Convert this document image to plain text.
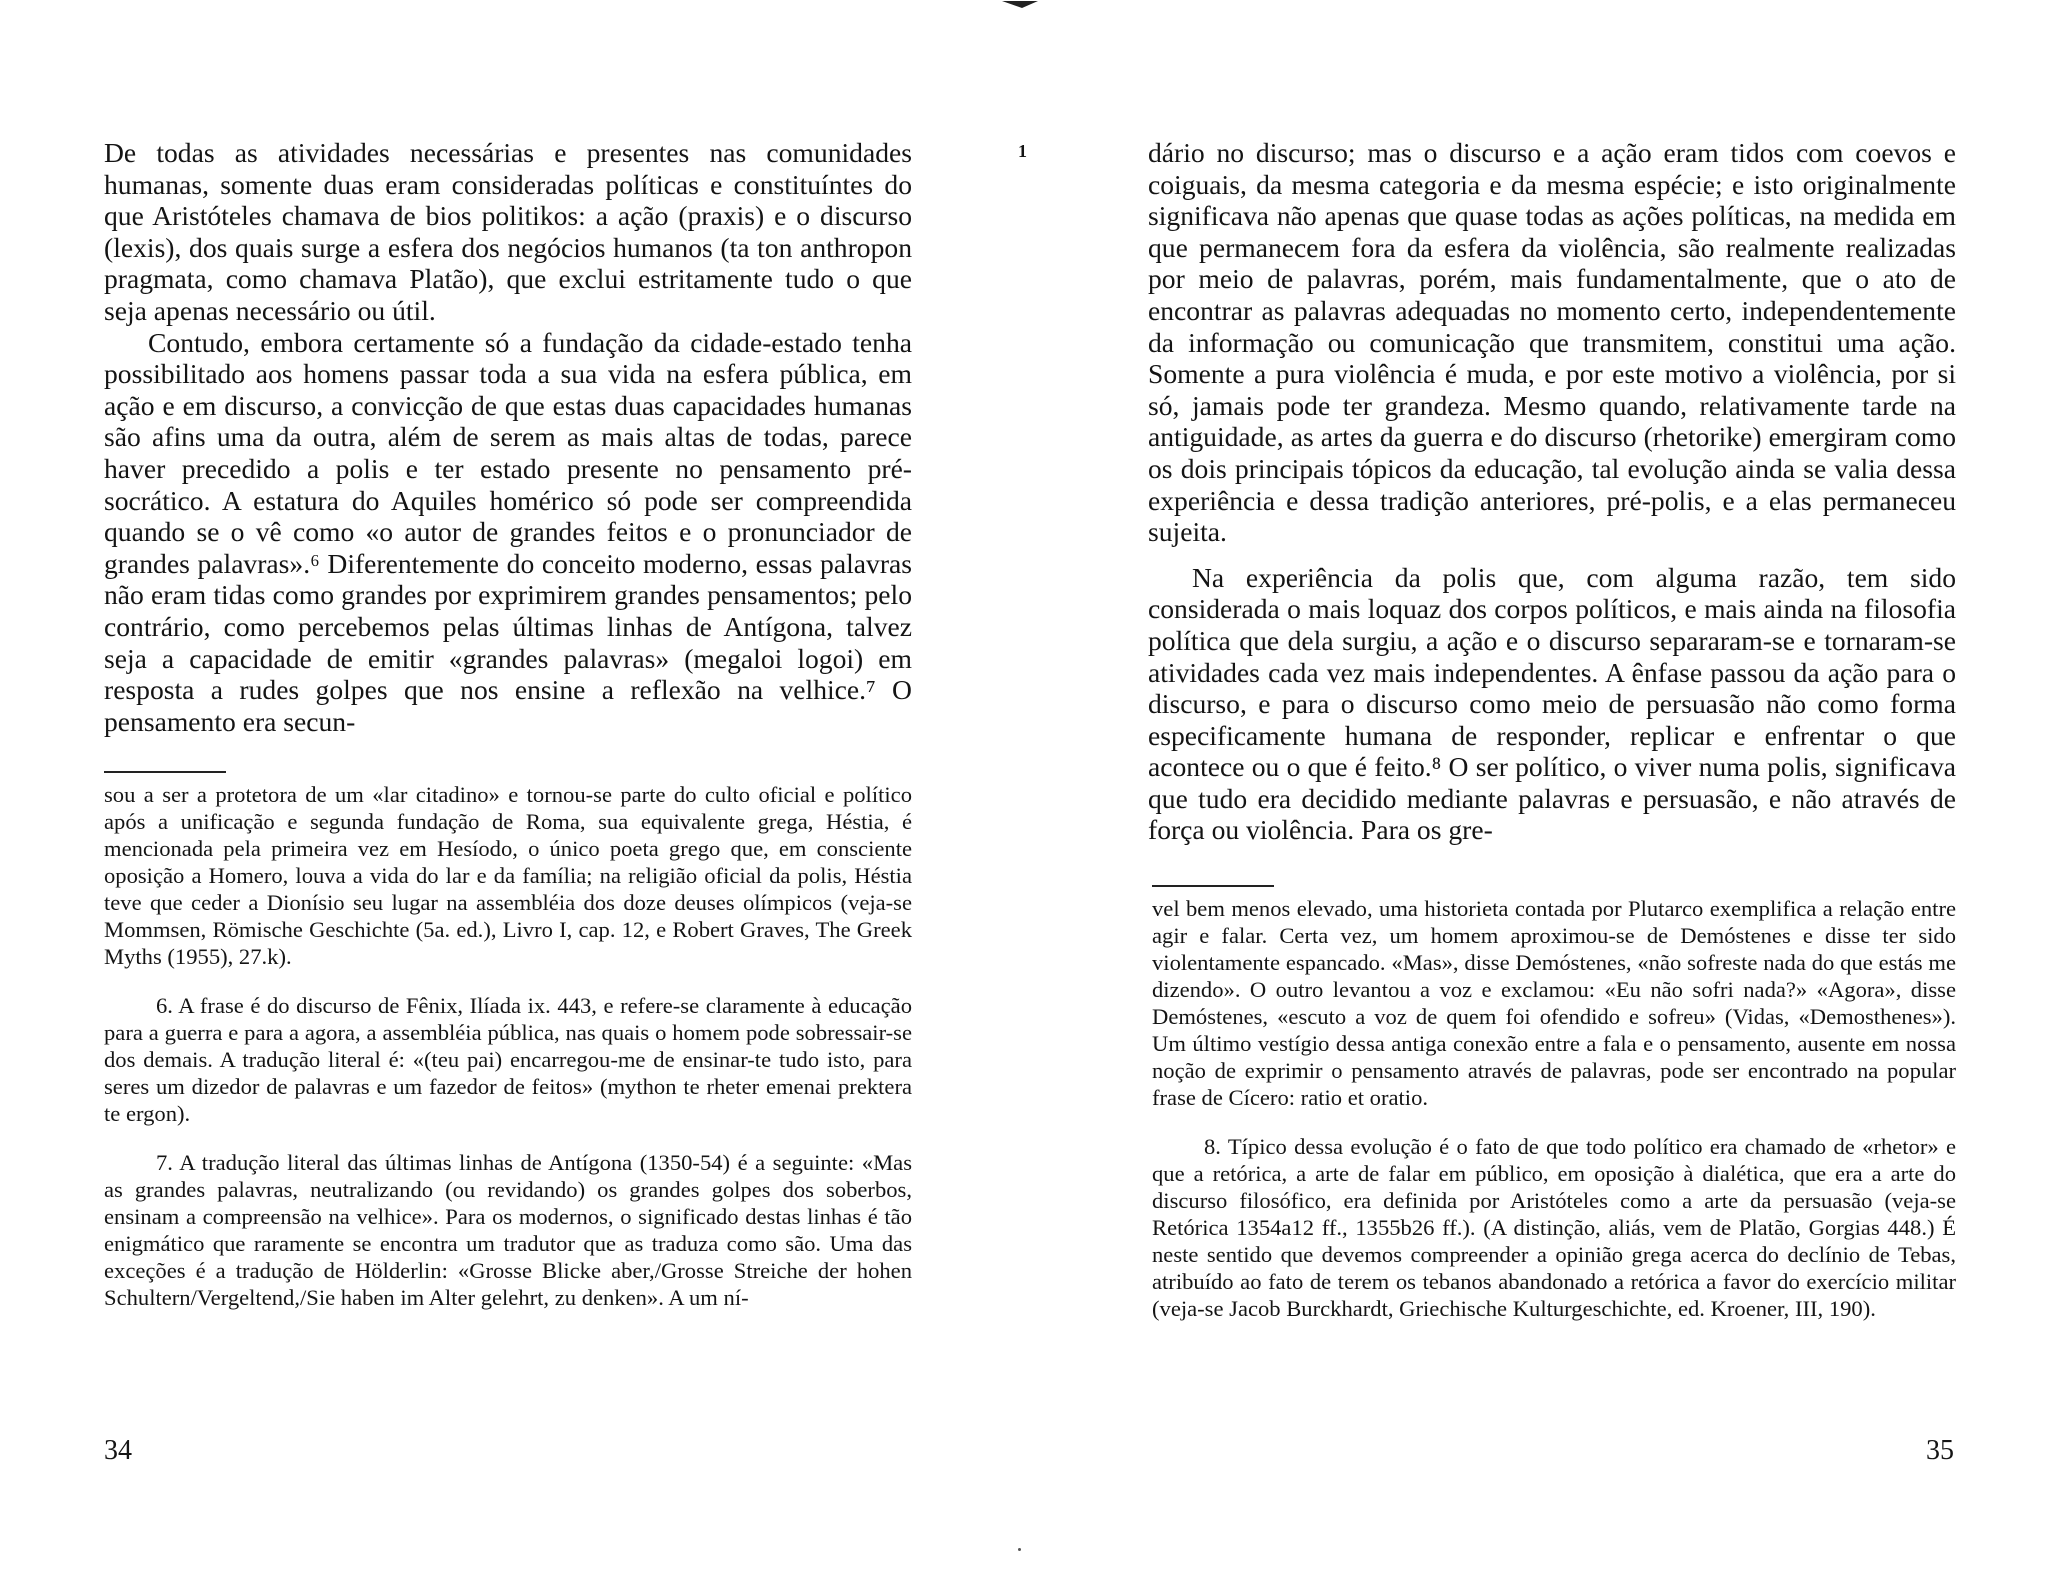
De todas as atividades necessárias e presentes nas comunidades humanas, somente duas eram consideradas políticas e constituíntes do que Aristóteles chamava de bios politikos: a ação (praxis) e o discurso (lexis), dos quais surge a esfera dos negócios humanos (ta ton anthropon pragmata, como chamava Platão), que exclui estritamente tudo o que seja apenas necessário ou útil.

Contudo, embora certamente só a fundação da cidade-estado tenha possibilitado aos homens passar toda a sua vida na esfera pública, em ação e em discurso, a convicção de que estas duas capacidades humanas são afins uma da outra, além de serem as mais altas de todas, parece haver precedido a polis e ter estado presente no pensamento pré-socrático. A estatura do Aquiles homérico só pode ser compreendida quando se o vê como «o autor de grandes feitos e o pronunciador de grandes palavras».⁶ Diferentemente do conceito moderno, essas palavras não eram tidas como grandes por exprimirem grandes pensamentos; pelo contrário, como percebemos pelas últimas linhas de Antígona, talvez seja a capacidade de emitir «grandes palavras» (megaloi logoi) em resposta a rudes golpes que nos ensine a reflexão na velhice.⁷ O pensamento era secun-

sou a ser a protetora de um «lar citadino» e tornou-se parte do culto oficial e político após a unificação e segunda fundação de Roma, sua equivalente grega, Héstia, é mencionada pela primeira vez em Hesíodo, o único poeta grego que, em consciente oposição a Homero, louva a vida do lar e da família; na religião oficial da polis, Héstia teve que ceder a Dionísio seu lugar na assembléia dos doze deuses olímpicos (veja-se Mommsen, Römische Geschichte (5a. ed.), Livro I, cap. 12, e Robert Graves, The Greek Myths (1955), 27.k).

6. A frase é do discurso de Fênix, Ilíada ix. 443, e refere-se claramente à educação para a guerra e para a agora, a assembléia pública, nas quais o homem pode sobressair-se dos demais. A tradução literal é: «(teu pai) encarregou-me de ensinar-te tudo isto, para seres um dizedor de palavras e um fazedor de feitos» (mython te rheter emenai prektera te ergon).

7. A tradução literal das últimas linhas de Antígona (1350-54) é a seguinte: «Mas as grandes palavras, neutralizando (ou revidando) os grandes golpes dos soberbos, ensinam a compreensão na velhice». Para os modernos, o significado destas linhas é tão enigmático que raramente se encontra um tradutor que as traduza como são. Uma das exceções é a tradução de Hölderlin: «Grosse Blicke aber,/Grosse Streiche der hohen Schultern/Vergeltend,/Sie haben im Alter gelehrt, zu denken». A um ní-

34
1	dário no discurso; mas o discurso e a ação eram tidos com coevos e coiguais, da mesma categoria e da mesma espécie; e isto originalmente significava não apenas que quase todas as ações políticas, na medida em que permanecem fora da esfera da violência, são realmente realizadas por meio de palavras, porém, mais fundamentalmente, que o ato de encontrar as palavras adequadas no momento certo, independentemente da informação ou comunicação que transmitem, constitui uma ação. Somente a pura violência é muda, e por este motivo a violência, por si só, jamais pode ter grandeza. Mesmo quando, relativamente tarde na antiguidade, as artes da guerra e do discurso (rhetorike) emergiram como os dois principais tópicos da educação, tal evolução ainda se valia dessa experiência e dessa tradição anteriores, pré-polis, e a elas permaneceu sujeita.

Na experiência da polis que, com alguma razão, tem sido considerada o mais loquaz dos corpos políticos, e mais ainda na filosofia política que dela surgiu, a ação e o discurso separaram-se e tornaram-se atividades cada vez mais independentes. A ênfase passou da ação para o discurso, e para o discurso como meio de persuasão não como forma especificamente humana de responder, replicar e enfrentar o que acontece ou o que é feito.⁸ O ser político, o viver numa polis, significava que tudo era decidido mediante palavras e persuasão, e não através de força ou violência. Para os gre-

vel bem menos elevado, uma historieta contada por Plutarco exemplifica a relação entre agir e falar. Certa vez, um homem aproximou-se de Demóstenes e disse ter sido violentamente espancado. «Mas», disse Demóstenes, «não sofreste nada do que estás me dizendo». O outro levantou a voz e exclamou: «Eu não sofri nada?» «Agora», disse Demóstenes, «escuto a voz de quem foi ofendido e sofreu» (Vidas, «Demosthenes»). Um último vestígio dessa antiga conexão entre a fala e o pensamento, ausente em nossa noção de exprimir o pensamento através de palavras, pode ser encontrado na popular frase de Cícero: ratio et oratio.

8. Típico dessa evolução é o fato de que todo político era chamado de «rhetor» e que a retórica, a arte de falar em público, em oposição à dialética, que era a arte do discurso filosófico, era definida por Aristóteles como a arte da persuasão (veja-se Retórica 1354a12 ff., 1355b26 ff.). (A distinção, aliás, vem de Platão, Gorgias 448.) É neste sentido que devemos compreender a opinião grega acerca do declínio de Tebas, atribuído ao fato de terem os tebanos abandonado a retórica a favor do exercício militar (veja-se Jacob Burckhardt, Griechische Kulturgeschichte, ed. Kroener, III, 190).

35
